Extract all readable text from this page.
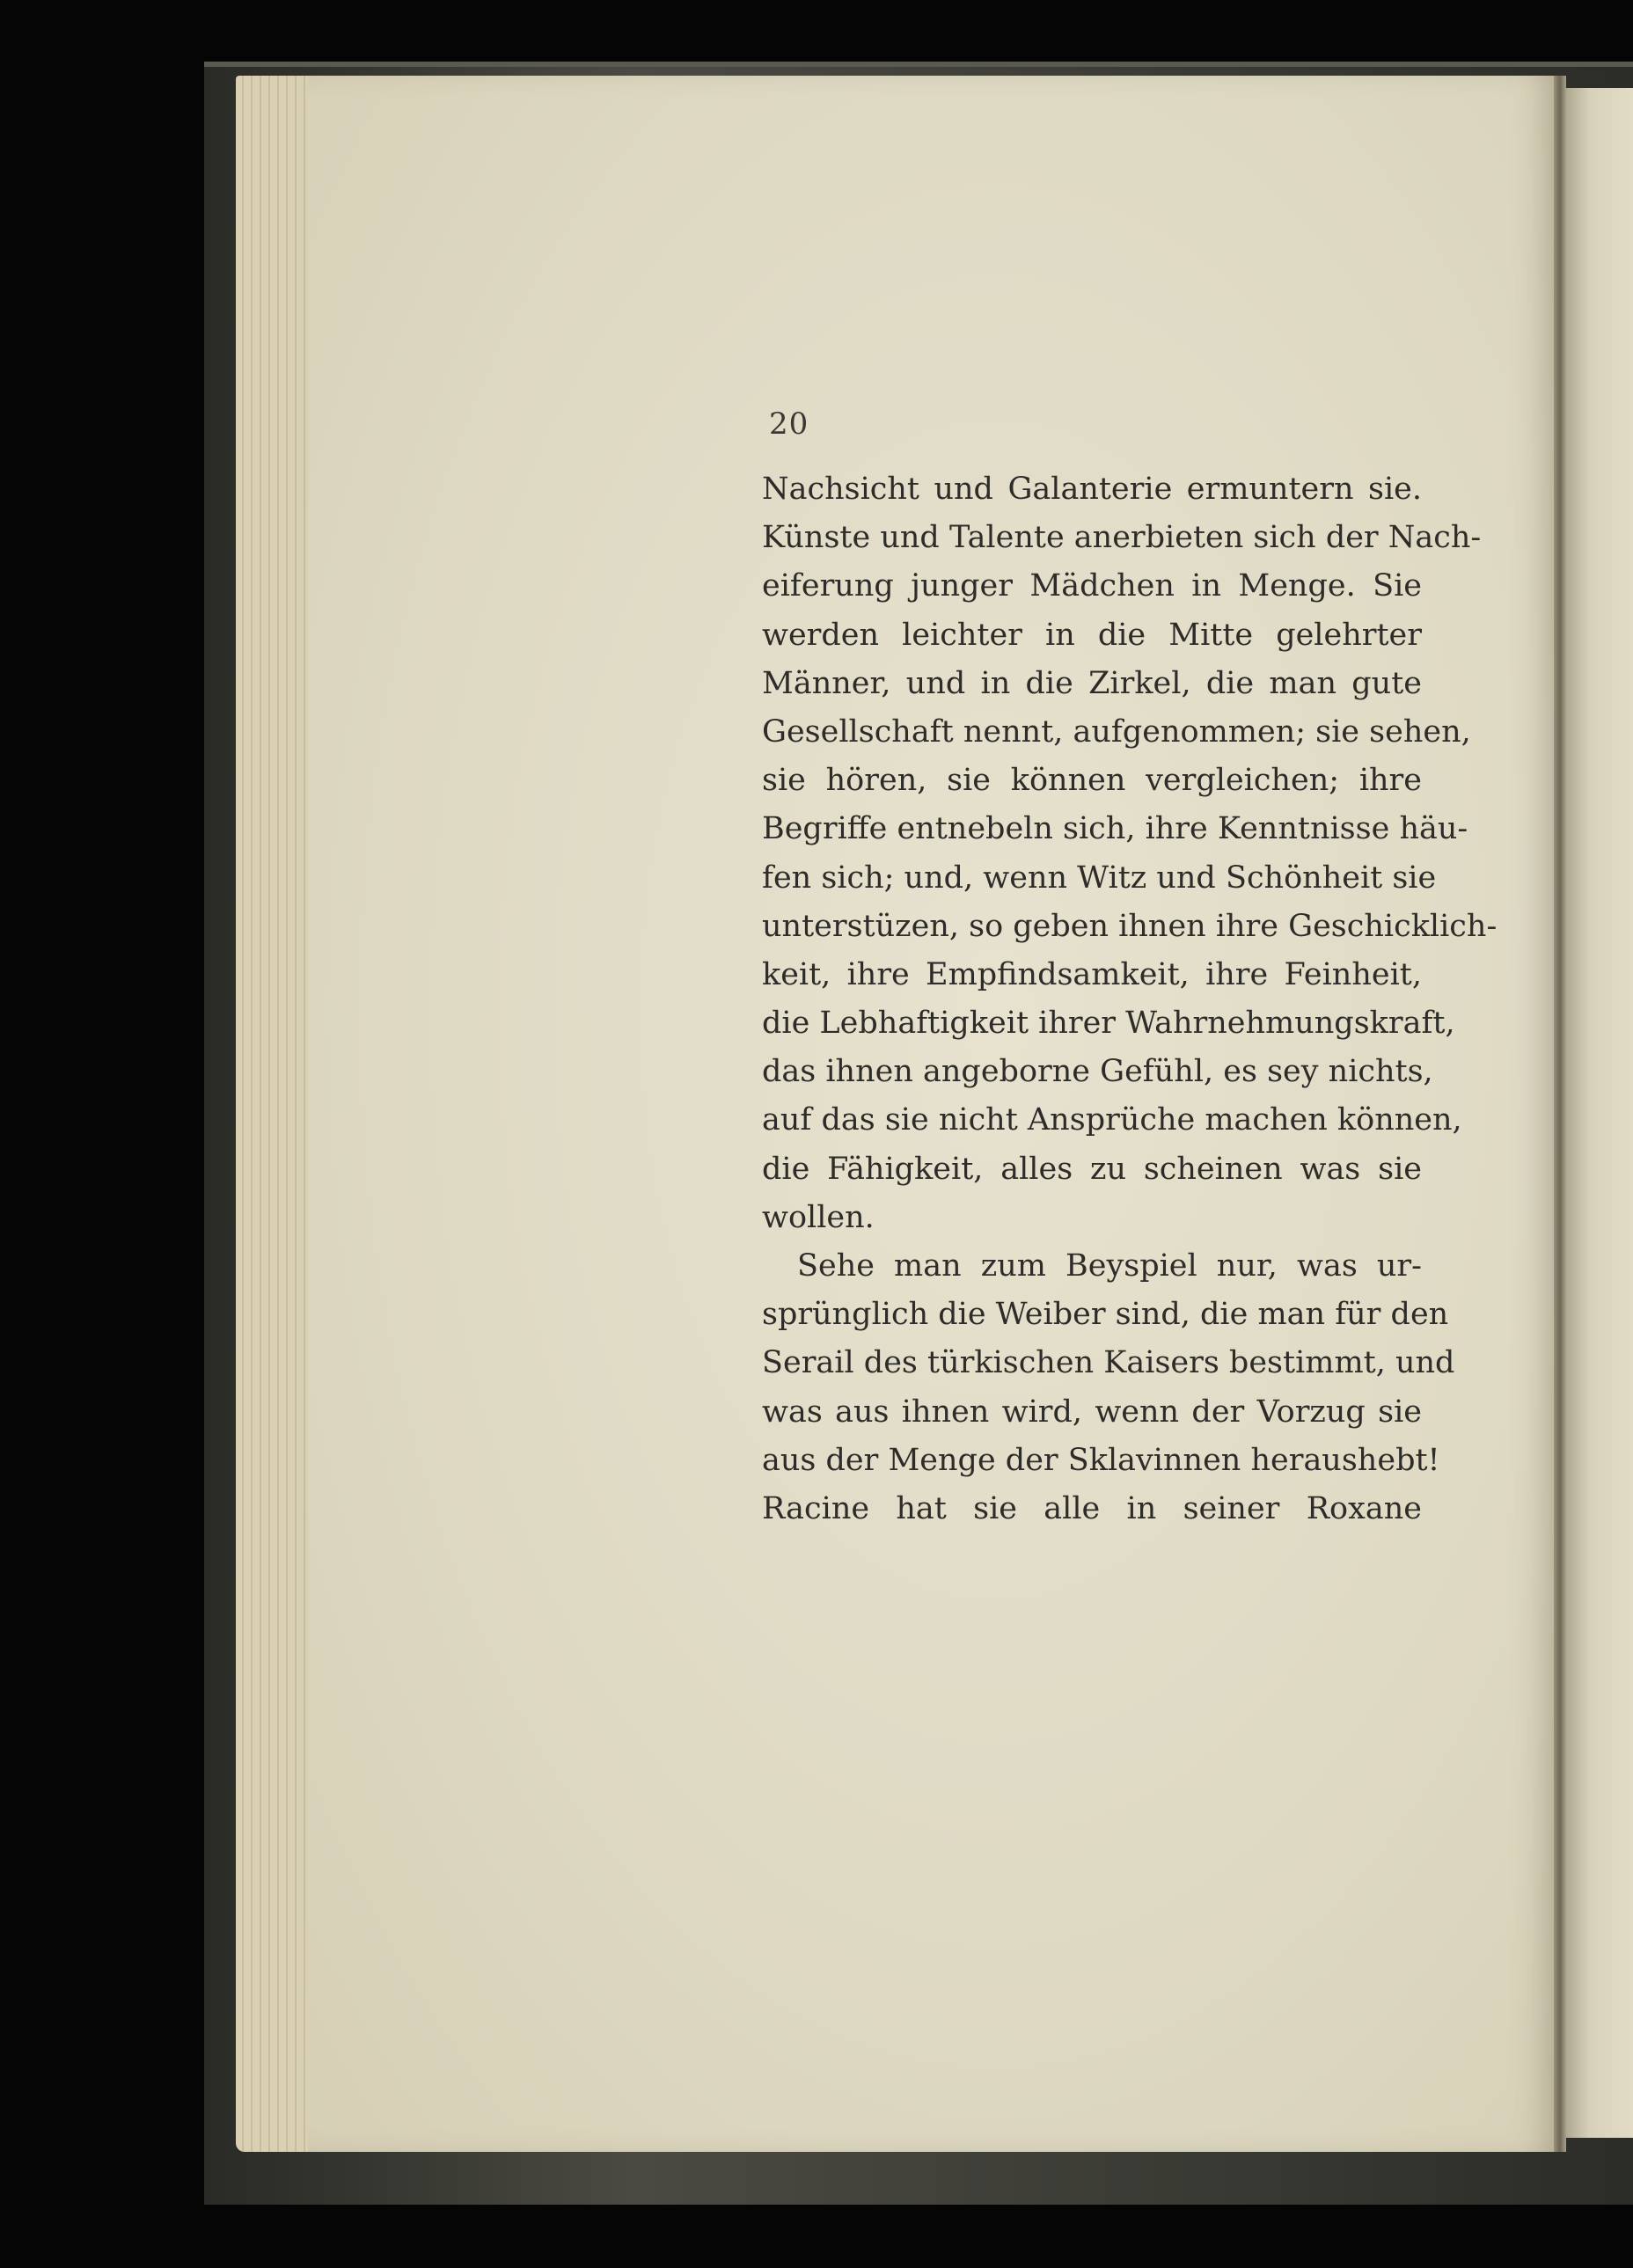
20
Nachsicht und Galanterie ermuntern sie.
Künste und Talente anerbieten sich der Nach-
eiferung junger Mädchen in Menge. Sie
werden leichter in die Mitte gelehrter
Männer, und in die Zirkel, die man gute
Gesellschaft nennt, aufgenommen; sie sehen,
sie hören, sie können vergleichen; ihre
Begriffe entnebeln sich, ihre Kenntnisse häu-
fen sich; und, wenn Witz und Schönheit sie
unterstüzen, so geben ihnen ihre Geschicklich-
keit, ihre Empfindsamkeit, ihre Feinheit,
die Lebhaftigkeit ihrer Wahrnehmungskraft,
das ihnen angeborne Gefühl, es sey nichts,
auf das sie nicht Ansprüche machen können,
die Fähigkeit, alles zu scheinen was sie
wollen.
Sehe man zum Beyspiel nur, was ur-
sprünglich die Weiber sind, die man für den
Serail des türkischen Kaisers bestimmt, und
was aus ihnen wird, wenn der Vorzug sie
aus der Menge der Sklavinnen heraushebt!
Racine hat sie alle in seiner Roxane
